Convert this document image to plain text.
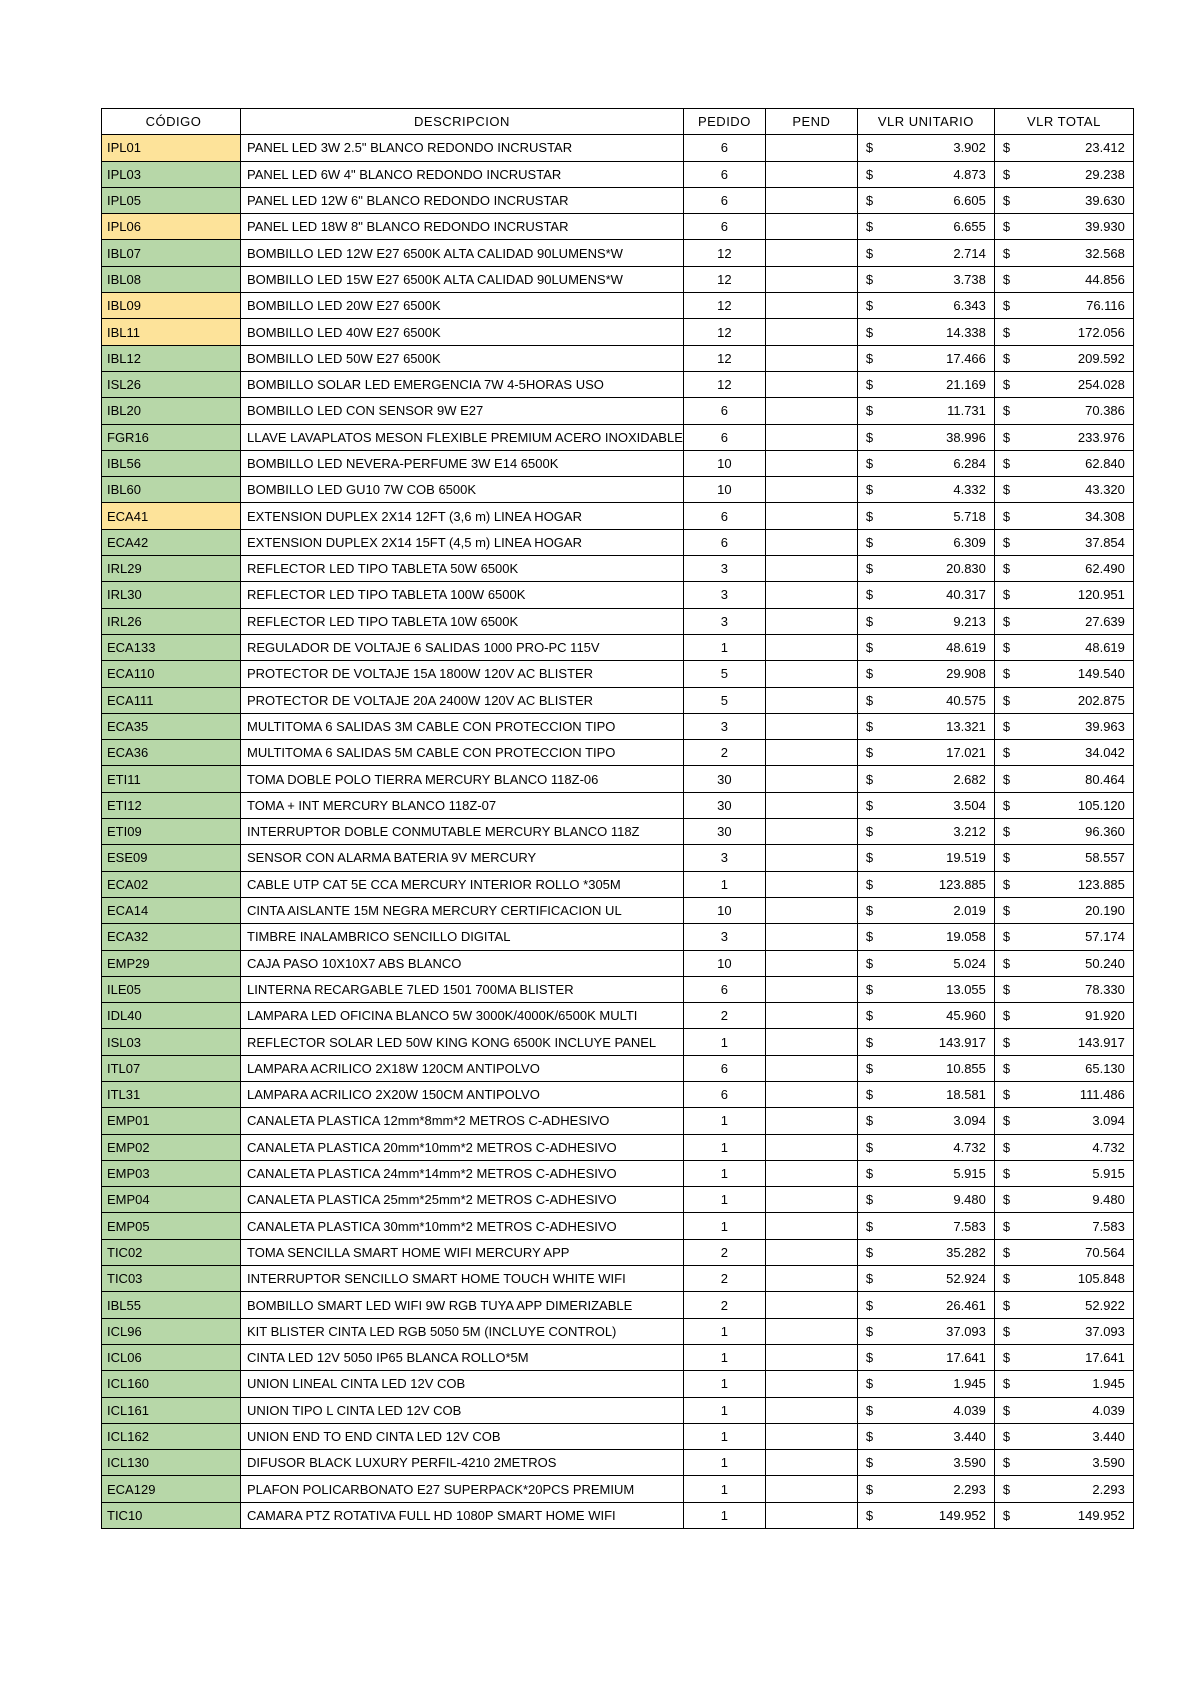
CÓDIGO	DESCRIPCION	PEDIDO	PEND	VLR UNITARIO	VLR TOTAL
IPL01	PANEL LED 3W 2.5" BLANCO REDONDO INCRUSTAR	6		$ 3.902	$ 23.412

IPL03	PANEL LED 6W 4" BLANCO REDONDO INCRUSTAR	6		$ 4.873	$ 29.238

IPL05	PANEL LED 12W 6" BLANCO REDONDO INCRUSTAR	6		$ 6.605	$ 39.630

IPL06	PANEL LED 18W 8" BLANCO REDONDO INCRUSTAR	6		$ 6.655	$ 39.930

IBL07	BOMBILLO LED 12W E27 6500K ALTA CALIDAD 90LUMENS*W	12		$ 2.714	$ 32.568

IBL08	BOMBILLO LED 15W E27 6500K ALTA CALIDAD 90LUMENS*W	12		$ 3.738	$ 44.856

IBL09	BOMBILLO LED 20W E27 6500K	12		$ 6.343	$ 76.116

IBL11	BOMBILLO LED 40W E27 6500K	12		$ 14.338	$ 172.056

IBL12	BOMBILLO LED 50W E27 6500K	12		$ 17.466	$ 209.592

ISL26	BOMBILLO SOLAR LED EMERGENCIA 7W 4-5HORAS USO	12		$ 21.169	$ 254.028

IBL20	BOMBILLO LED CON SENSOR 9W E27	6		$ 11.731	$ 70.386

FGR16	LLAVE LAVAPLATOS MESON FLEXIBLE PREMIUM ACERO INOXIDABLE	6		$ 38.996	$ 233.976

IBL56	BOMBILLO LED NEVERA-PERFUME 3W E14 6500K	10		$ 6.284	$ 62.840

IBL60	BOMBILLO LED GU10 7W COB 6500K	10		$ 4.332	$ 43.320

ECA41	EXTENSION DUPLEX 2X14 12FT (3,6 m) LINEA HOGAR	6		$ 5.718	$ 34.308

ECA42	EXTENSION DUPLEX 2X14 15FT (4,5 m) LINEA HOGAR	6		$ 6.309	$ 37.854

IRL29	REFLECTOR LED TIPO TABLETA 50W 6500K	3		$ 20.830	$ 62.490

IRL30	REFLECTOR LED TIPO TABLETA 100W 6500K	3		$ 40.317	$ 120.951

IRL26	REFLECTOR LED TIPO TABLETA 10W 6500K	3		$ 9.213	$ 27.639

ECA133	REGULADOR DE VOLTAJE 6 SALIDAS 1000 PRO-PC 115V	1		$ 48.619	$ 48.619

ECA110	PROTECTOR DE VOLTAJE 15A 1800W 120V AC BLISTER	5		$ 29.908	$ 149.540

ECA111	PROTECTOR DE VOLTAJE 20A 2400W 120V AC BLISTER	5		$ 40.575	$ 202.875

ECA35	MULTITOMA 6 SALIDAS 3M CABLE CON PROTECCION TIPO	3		$ 13.321	$ 39.963

ECA36	MULTITOMA 6 SALIDAS 5M CABLE CON PROTECCION TIPO	2		$ 17.021	$ 34.042

ETI11	TOMA DOBLE POLO TIERRA MERCURY BLANCO 118Z-06	30		$ 2.682	$ 80.464

ETI12	TOMA + INT MERCURY BLANCO 118Z-07	30		$ 3.504	$ 105.120

ETI09	INTERRUPTOR DOBLE CONMUTABLE MERCURY BLANCO 118Z	30		$ 3.212	$ 96.360

ESE09	SENSOR CON ALARMA BATERIA 9V MERCURY	3		$ 19.519	$ 58.557

ECA02	CABLE UTP CAT 5E CCA MERCURY INTERIOR ROLLO *305M	1		$ 123.885	$ 123.885

ECA14	CINTA AISLANTE 15M NEGRA MERCURY CERTIFICACION UL	10		$ 2.019	$ 20.190

ECA32	TIMBRE INALAMBRICO SENCILLO DIGITAL	3		$ 19.058	$ 57.174

EMP29	CAJA PASO 10X10X7 ABS BLANCO	10		$ 5.024	$ 50.240

ILE05	LINTERNA RECARGABLE 7LED 1501 700MA BLISTER	6		$ 13.055	$ 78.330

IDL40	LAMPARA LED OFICINA BLANCO 5W 3000K/4000K/6500K MULTI	2		$ 45.960	$ 91.920

ISL03	REFLECTOR SOLAR LED 50W KING KONG 6500K INCLUYE PANEL	1		$ 143.917	$ 143.917

ITL07	LAMPARA ACRILICO 2X18W 120CM ANTIPOLVO	6		$ 10.855	$ 65.130

ITL31	LAMPARA ACRILICO 2X20W 150CM ANTIPOLVO	6		$ 18.581	$ 111.486

EMP01	CANALETA PLASTICA 12mm*8mm*2 METROS C-ADHESIVO	1		$ 3.094	$ 3.094

EMP02	CANALETA PLASTICA 20mm*10mm*2 METROS C-ADHESIVO	1		$ 4.732	$ 4.732

EMP03	CANALETA PLASTICA 24mm*14mm*2 METROS C-ADHESIVO	1		$ 5.915	$ 5.915

EMP04	CANALETA PLASTICA 25mm*25mm*2 METROS C-ADHESIVO	1		$ 9.480	$ 9.480

EMP05	CANALETA PLASTICA 30mm*10mm*2 METROS C-ADHESIVO	1		$ 7.583	$ 7.583

TIC02	TOMA SENCILLA SMART HOME WIFI MERCURY APP	2		$ 35.282	$ 70.564

TIC03	INTERRUPTOR SENCILLO SMART HOME TOUCH WHITE WIFI	2		$ 52.924	$ 105.848

IBL55	BOMBILLO SMART LED WIFI 9W RGB TUYA APP DIMERIZABLE	2		$ 26.461	$ 52.922

ICL96	KIT BLISTER CINTA LED RGB 5050 5M (INCLUYE CONTROL)	1		$ 37.093	$ 37.093

ICL06	CINTA LED 12V 5050 IP65 BLANCA ROLLO*5M	1		$ 17.641	$ 17.641

ICL160	UNION LINEAL CINTA LED 12V COB	1		$ 1.945	$ 1.945

ICL161	UNION TIPO L CINTA LED 12V COB	1		$ 4.039	$ 4.039

ICL162	UNION END TO END CINTA LED 12V COB	1		$ 3.440	$ 3.440

ICL130	DIFUSOR BLACK LUXURY PERFIL-4210 2METROS	1		$ 3.590	$ 3.590

ECA129	PLAFON POLICARBONATO E27 SUPERPACK*20PCS PREMIUM	1		$ 2.293	$ 2.293

TIC10	CAMARA PTZ ROTATIVA FULL HD 1080P SMART HOME WIFI	1		$ 149.952	$ 149.952
